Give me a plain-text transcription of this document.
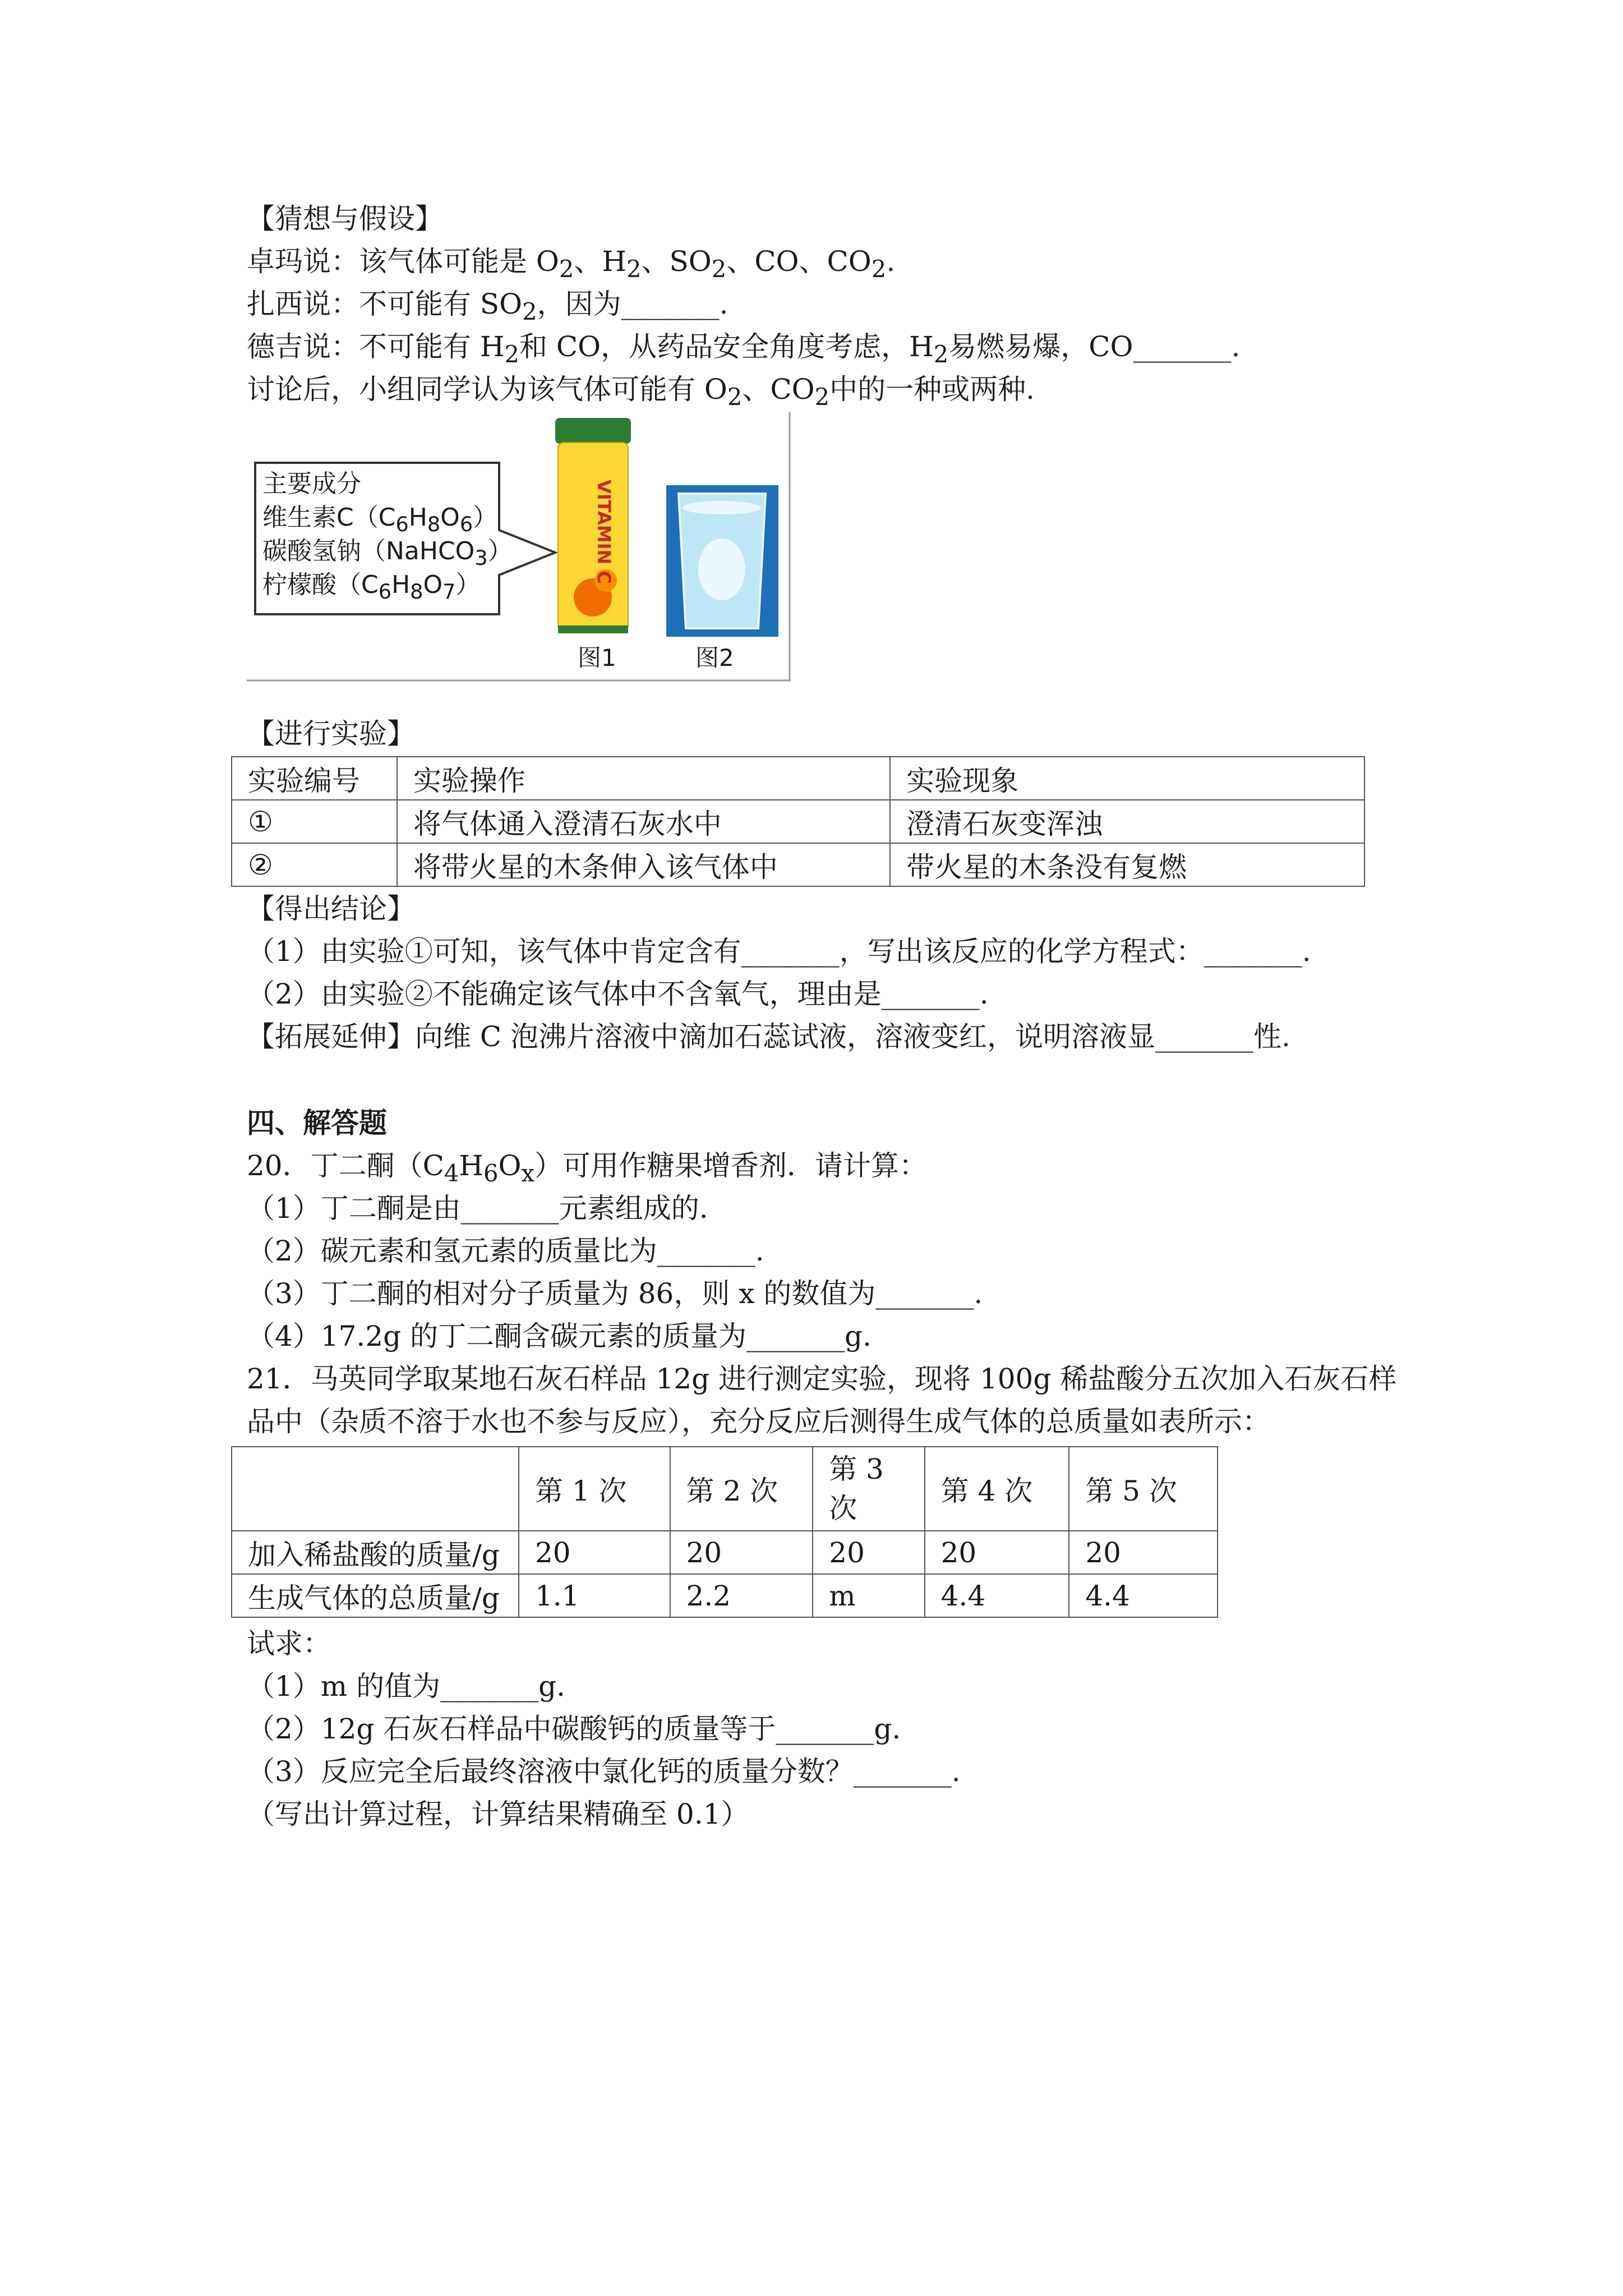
【猜想与假设】
卓玛说：该气体可能是 $O_2$、$H_2$、$SO_2$、CO、$CO_2$.
扎西说：不可能有 $SO_2$，因为_______.
德吉说：不可能有 $H_2$和 CO，从药品安全角度考虑，$H_2$易燃易爆，CO_______.
讨论后，小组同学认为该气体可能有 $O_2$、$CO_2$中的一种或两种.
VITAMIN C
主要成分
维生素$C(C_6H_8O_6)$
碳酸氢钠（NaHCO$_3$）
柠檬酸$(C_6H_8O_7)$
图1	图2
【进行实验】
实验编号	实验操作	实验现象
①	将气体通入澄清石灰水中	澄清石灰变浑浊
②	将带火星的木条伸入该气体中	带火星的木条没有复燃
【得出结论】
（1）由实验①可知，该气体中肯定含有_______，写出该反应的化学方程式：_______.
（2）由实验②不能确定该气体中不含氧气，理由是_______.
【拓展延伸】向维 C 泡沸片溶液中滴加石蕊试液，溶液变红，说明溶液显_______性.
四、解答题
20．丁二酮$(C_4H_6O_x)$可用作糖果增香剂．请计算：
（1）丁二酮是由_______元素组成的.
（2）碳元素和氢元素的质量比为_______.
（3）丁二酮的相对分子质量为 86，则 x 的数值为_______.
（4）17.2g 的丁二酮含碳元素的质量为_______g.
21．马英同学取某地石灰石样品 12g 进行测定实验，现将 100g 稀盐酸分五次加入石灰石样
品中（杂质不溶于水也不参与反应），充分反应后测得生成气体的总质量如表所示：
	第 1 次	第 2 次	第 3 次	第 4 次	第 5 次
加入稀盐酸的质量/g	20	20	20	20	20
生成气体的总质量/g	1.1	2.2	m	4.4	4.4
试求：
（1）m 的值为_______g.
（2）12g 石灰石样品中碳酸钙的质量等于_______g.
（3）反应完全后最终溶液中氯化钙的质量分数？_______.
（写出计算过程，计算结果精确至 0.1）
